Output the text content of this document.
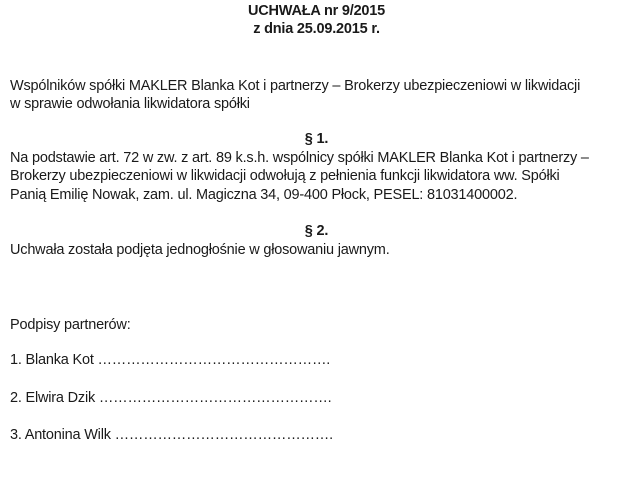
UCHWAŁA nr 9/2015
z dnia 25.09.2015 r.
Wspólników spółki MAKLER Blanka Kot i partnerzy – Brokerzy ubezpieczeniowi w likwidacji
w sprawie odwołania likwidatora spółki
§ 1.
Na podstawie art. 72 w zw. z art. 89 k.s.h. wspólnicy spółki MAKLER Blanka Kot i partnerzy –
Brokerzy ubezpieczeniowi w likwidacji odwołują z pełnienia funkcji likwidatora ww. Spółki
Panią Emilię Nowak, zam. ul. Magiczna 34, 09-400 Płock, PESEL: 81031400002.
§ 2.
Uchwała została podjęta jednogłośnie w głosowaniu jawnym.
Podpisy partnerów:
1. Blanka Kot ………………………………………….
2. Elwira Dzik ………………………………………….
3. Antonina Wilk ……………………………………….
